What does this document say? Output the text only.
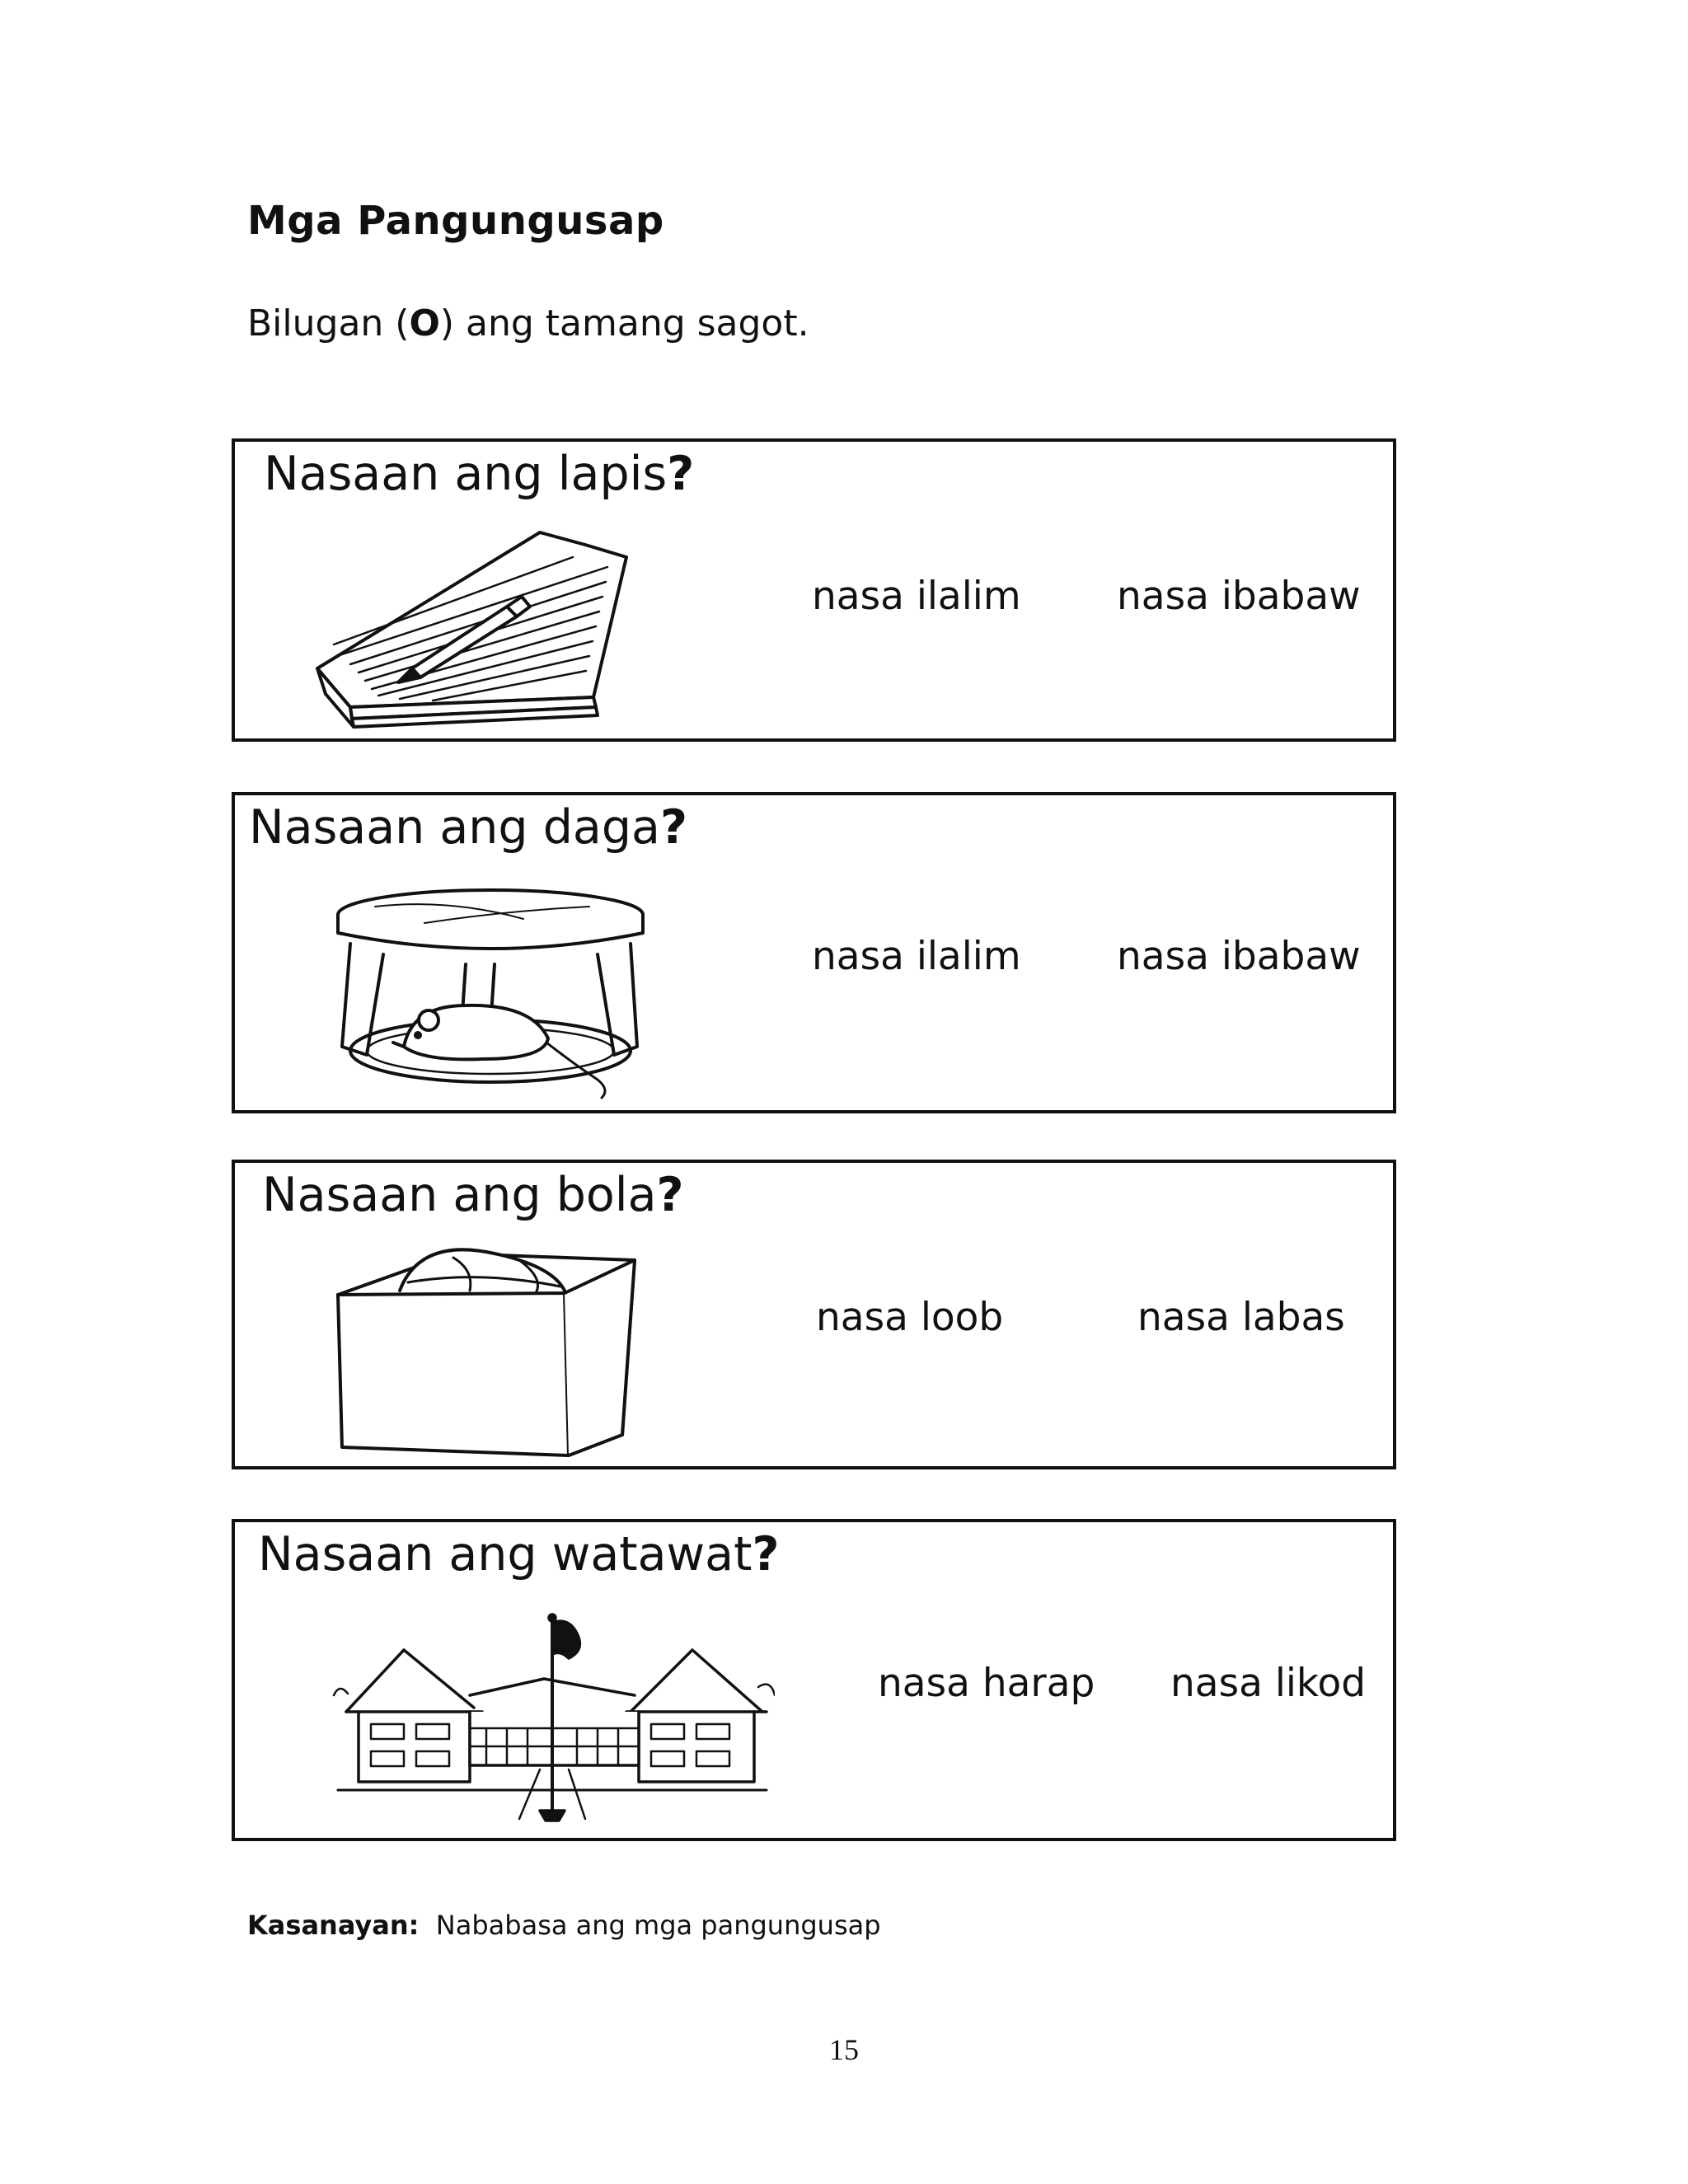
Mga Pangungusap
Bilugan (O) ang tamang sagot.
Nasaan ang lapis?
nasa ilalim nasa ibabaw
Nasaan ang daga?
nasa ilalim nasa ibabaw
Nasaan ang bola?
nasa loob	nasa labas
Nasaan ang watawat?
nasa harap nasa likod
Kasanayan: Nababasa ang mga pangungusap
15
